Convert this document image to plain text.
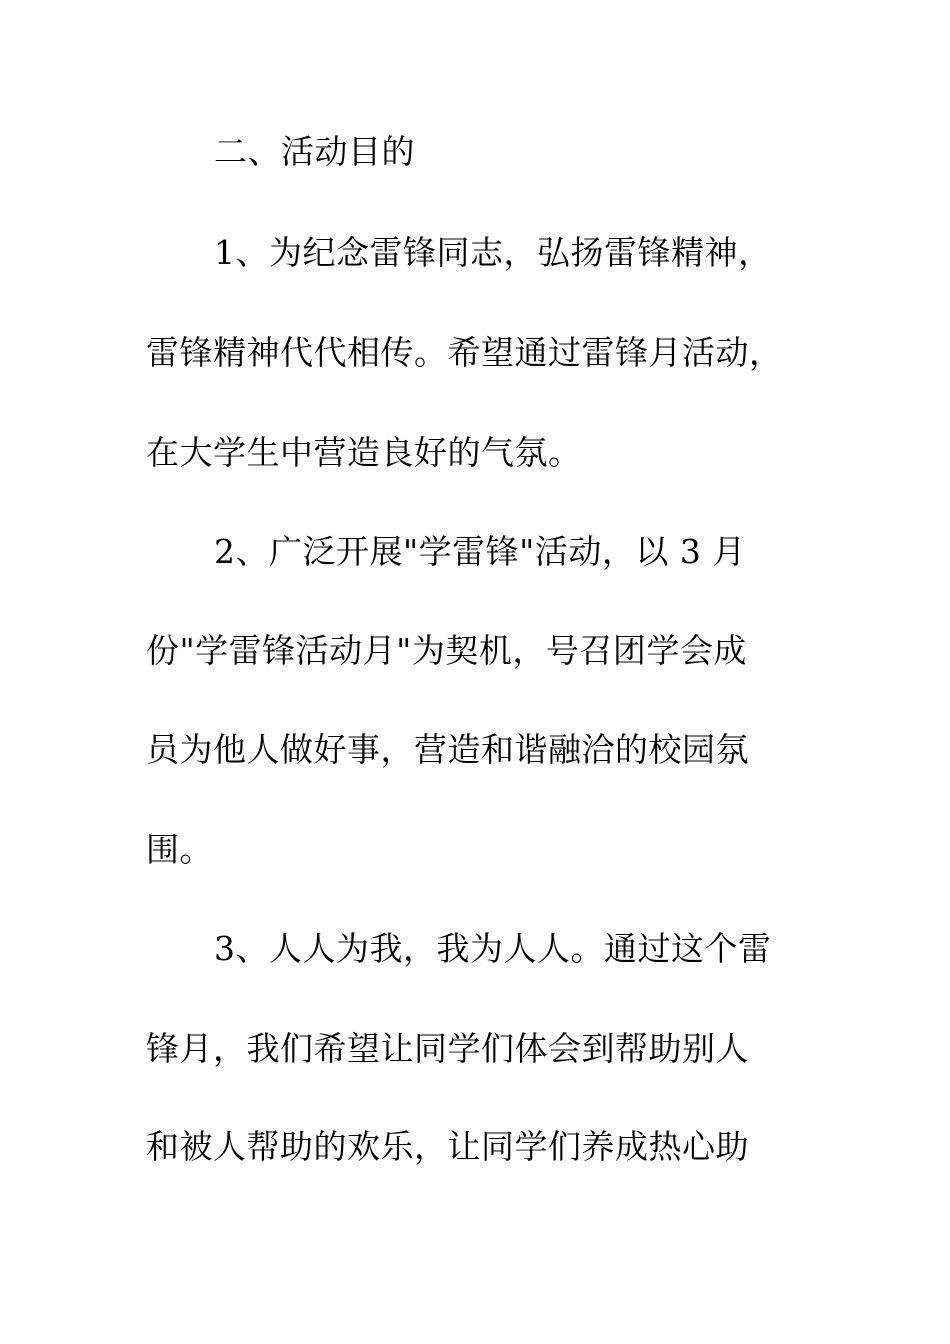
二、活动目的
1、为纪念雷锋同志，弘扬雷锋精神，
雷锋精神代代相传。希望通过雷锋月活动，
在大学生中营造良好的气氛。
2、广泛开展"学雷锋"活动，以 3 月
份"学雷锋活动月"为契机，号召团学会成
员为他人做好事，营造和谐融洽的校园氛
围。
3、人人为我，我为人人。通过这个雷
锋月，我们希望让同学们体会到帮助别人
和被人帮助的欢乐，让同学们养成热心助
